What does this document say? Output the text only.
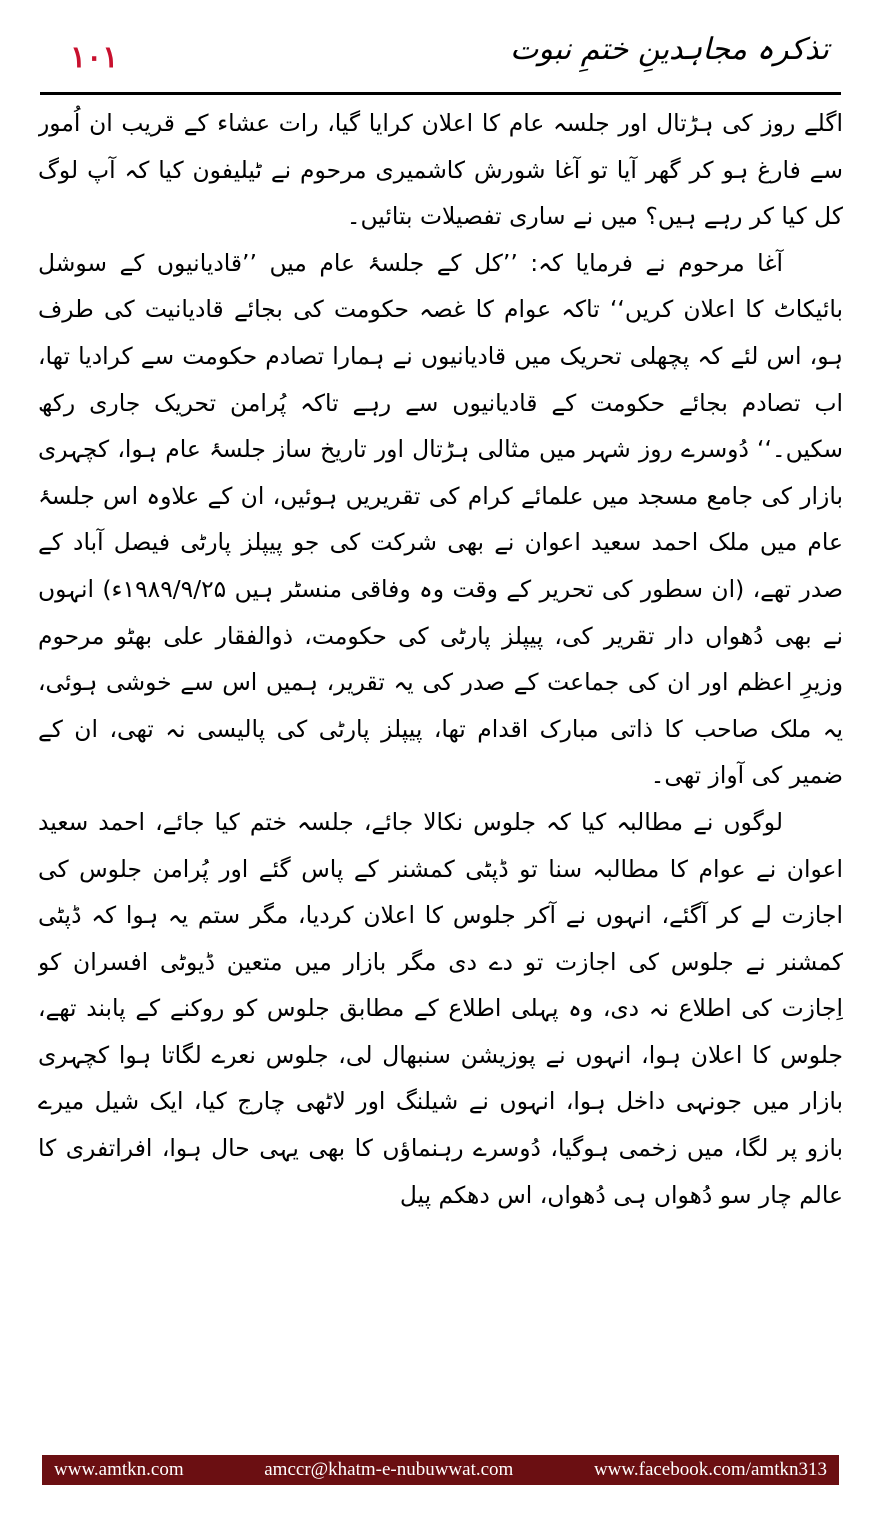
١٠١	تذکرہ مجاہدینِ ختمِ نبوت

اگلے روز کی ہڑتال اور جلسہ عام کا اعلان کرایا گیا، رات عشاء کے قریب ان اُمور سے فارغ ہو کر گھر آیا تو آغا شورش کاشمیری مرحوم نے ٹیلیفون کیا کہ آپ لوگ کل کیا کر رہے ہیں؟ میں نے ساری تفصیلات بتائیں۔

آغا مرحوم نے فرمایا کہ: ’’کل کے جلسۂ عام میں ’’قادیانیوں کے سوشل بائیکاٹ کا اعلان کریں‘‘ تاکہ عوام کا غصہ حکومت کی بجائے قادیانیت کی طرف ہو، اس لئے کہ پچھلی تحریک میں قادیانیوں نے ہمارا تصادم حکومت سے کرادیا تھا، اب تصادم بجائے حکومت کے قادیانیوں سے رہے تاکہ پُرامن تحریک جاری رکھ سکیں۔‘‘ دُوسرے روز شہر میں مثالی ہڑتال اور تاریخ ساز جلسۂ عام ہوا، کچہری بازار کی جامع مسجد میں علمائے کرام کی تقریریں ہوئیں، ان کے علاوہ اس جلسۂ عام میں ملک احمد سعید اعوان نے بھی شرکت کی جو پیپلز پارٹی فیصل آباد کے صدر تھے، (ان سطور کی تحریر کے وقت وہ وفاقی منسٹر ہیں ۱۹۸۹/۹/۲۵ء) انہوں نے بھی دُھواں دار تقریر کی، پیپلز پارٹی کی حکومت، ذوالفقار علی بھٹو مرحوم وزیرِ اعظم اور ان کی جماعت کے صدر کی یہ تقریر، ہمیں اس سے خوشی ہوئی، یہ ملک صاحب کا ذاتی مبارک اقدام تھا، پیپلز پارٹی کی پالیسی نہ تھی، ان کے ضمیر کی آواز تھی۔

لوگوں نے مطالبہ کیا کہ جلوس نکالا جائے، جلسہ ختم کیا جائے، احمد سعید اعوان نے عوام کا مطالبہ سنا تو ڈپٹی کمشنر کے پاس گئے اور پُرامن جلوس کی اجازت لے کر آگئے، انہوں نے آکر جلوس کا اعلان کردیا، مگر ستم یہ ہوا کہ ڈپٹی کمشنر نے جلوس کی اجازت تو دے دی مگر بازار میں متعین ڈیوٹی افسران کو اِجازت کی اطلاع نہ دی، وہ پہلی اطلاع کے مطابق جلوس کو روکنے کے پابند تھے، جلوس کا اعلان ہوا، انہوں نے پوزیشن سنبھال لی، جلوس نعرے لگاتا ہوا کچہری بازار میں جونہی داخل ہوا، انہوں نے شیلنگ اور لاٹھی چارج کیا، ایک شیل میرے بازو پر لگا، میں زخمی ہوگیا، دُوسرے رہنماؤں کا بھی یہی حال ہوا، افراتفری کا عالم چار سو دُھواں ہی دُھواں، اس دھکم پیل

www.amtkn.com	amccr@khatm-e-nubuwwat.com	www.facebook.com/amtkn313
